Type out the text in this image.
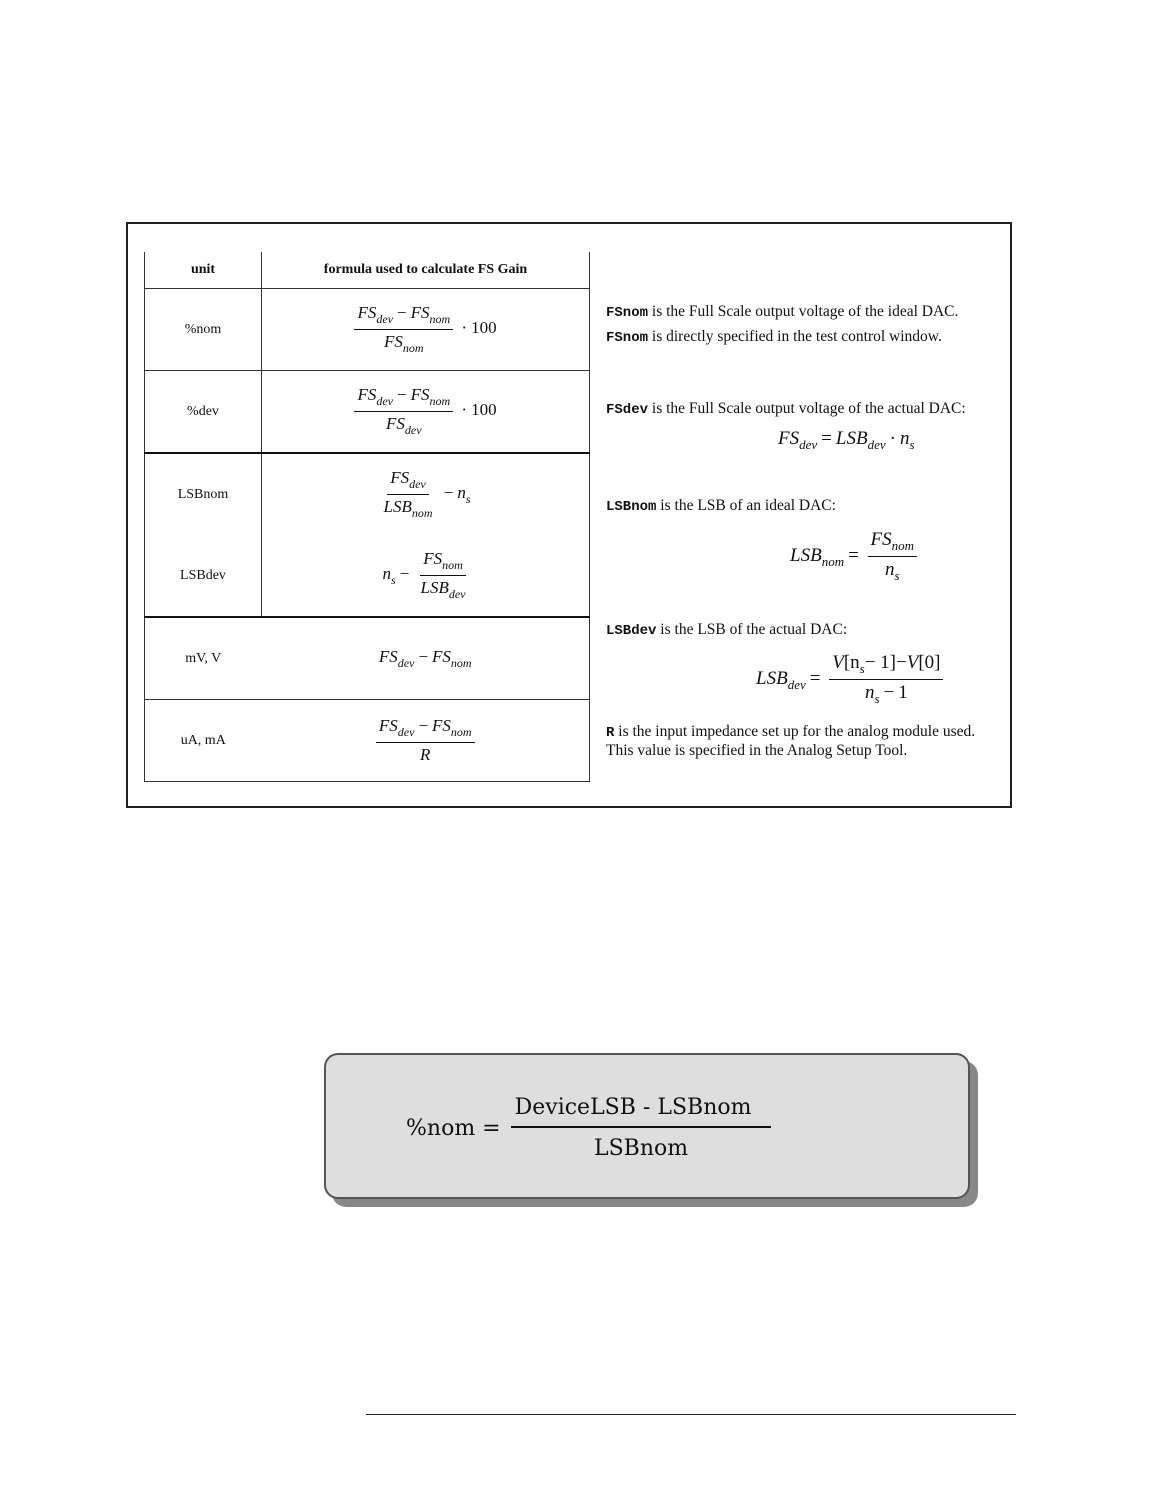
unit	formula used to calculate FS Gain
%nom	$\frac{FS_{dev} - FS_{nom}}{FS_{nom}} \cdot 100$
%dev	$\frac{FS_{dev} - FS_{nom}}{FS_{dev}} \cdot 100$
LSBnom	$\frac{FS_{dev}}{LSB_{nom}} - n_s$
LSBdev	$n_s - \frac{FS_{nom}}{LSB_{dev}}$

mV, V	$FS_{dev} - FS_{nom}$
uA, mA	$\frac{FS_{dev} - FS_{nom}}{R}$
FSnom is the Full Scale output voltage of the ideal DAC.
FSnom is directly specified in the test control window.
FSdev is the Full Scale output voltage of the actual DAC:
$FS_{dev} = LSB_{dev} \cdot n_s$
LSBnom is the LSB of an ideal DAC:
$LSB_{nom} = \frac{FS_{nom}}{n_s}$
LSBdev is the LSB of the actual DAC:
$LSB_{dev} = \frac{V[n_s- 1]-V[0]}{n_s - 1}$
R is the input impedance set up for the analog module used.
This value is specified in the Analog Setup Tool.
$\%nom = \frac{\text{DeviceLSB - LSBnom}}{\text{LSBnom}}$
